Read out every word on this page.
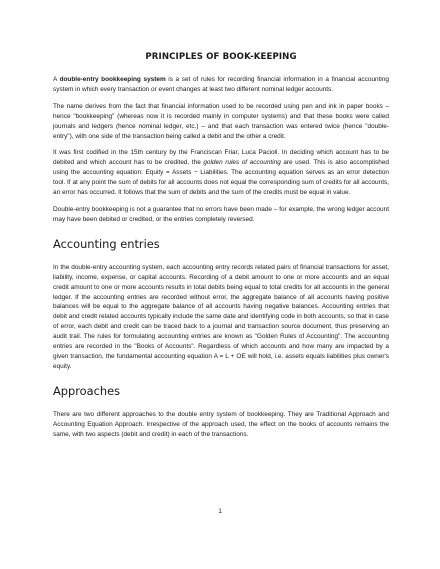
PRINCIPLES OF BOOK-KEEPING

A double-entry bookkeeping system is a set of rules for recording financial information in a financial accounting system in which every transaction or event changes at least two different nominal ledger accounts.

The name derives from the fact that financial information used to be recorded using pen and ink in paper books – hence "bookkeeping" (whereas now it is recorded mainly in computer systems) and that these books were called journals and ledgers (hence nominal ledger, etc.) – and that each transaction was entered twice (hence "double-entry"), with one side of the transaction being called a debit and the other a credit.

It was first codified in the 15th century by the Franciscan Friar, Luca Pacioli. In deciding which account has to be debited and which account has to be credited, the golden rules of accounting are used. This is also accomplished using the accounting equation: Equity = Assets − Liabilities. The accounting equation serves as an error detection tool. If at any point the sum of debits for all accounts does not equal the corresponding sum of credits for all accounts, an error has occurred. It follows that the sum of debits and the sum of the credits must be equal in value.

Double-entry bookkeeping is not a guarantee that no errors have been made – for example, the wrong ledger account may have been debited or credited, or the entries completely reversed.

Accounting entries

In the double-entry accounting system, each accounting entry records related pairs of financial transactions for asset, liability, income, expense, or capital accounts. Recording of a debit amount to one or more accounts and an equal credit amount to one or more accounts results in total debits being equal to total credits for all accounts in the general ledger. If the accounting entries are recorded without error, the aggregate balance of all accounts having positive balances will be equal to the aggregate balance of all accounts having negative balances. Accounting entries that debit and credit related accounts typically include the same date and identifying code in both accounts, so that in case of error, each debit and credit can be traced back to a journal and transaction source document, thus preserving an audit trail. The rules for formulating accounting entries are known as "Golden Rules of Accounting". The accounting entries are recorded in the "Books of Accounts". Regardless of which accounts and how many are impacted by a given transaction, the fundamental accounting equation A = L + OE will hold, i.e. assets equals liabilities plus owner's equity.

Approaches

There are two different approaches to the double entry system of bookkeeping. They are Traditional Approach and Accounting Equation Approach. Irrespective of the approach used, the effect on the books of accounts remains the same, with two aspects (debit and credit) in each of the transactions.

1
